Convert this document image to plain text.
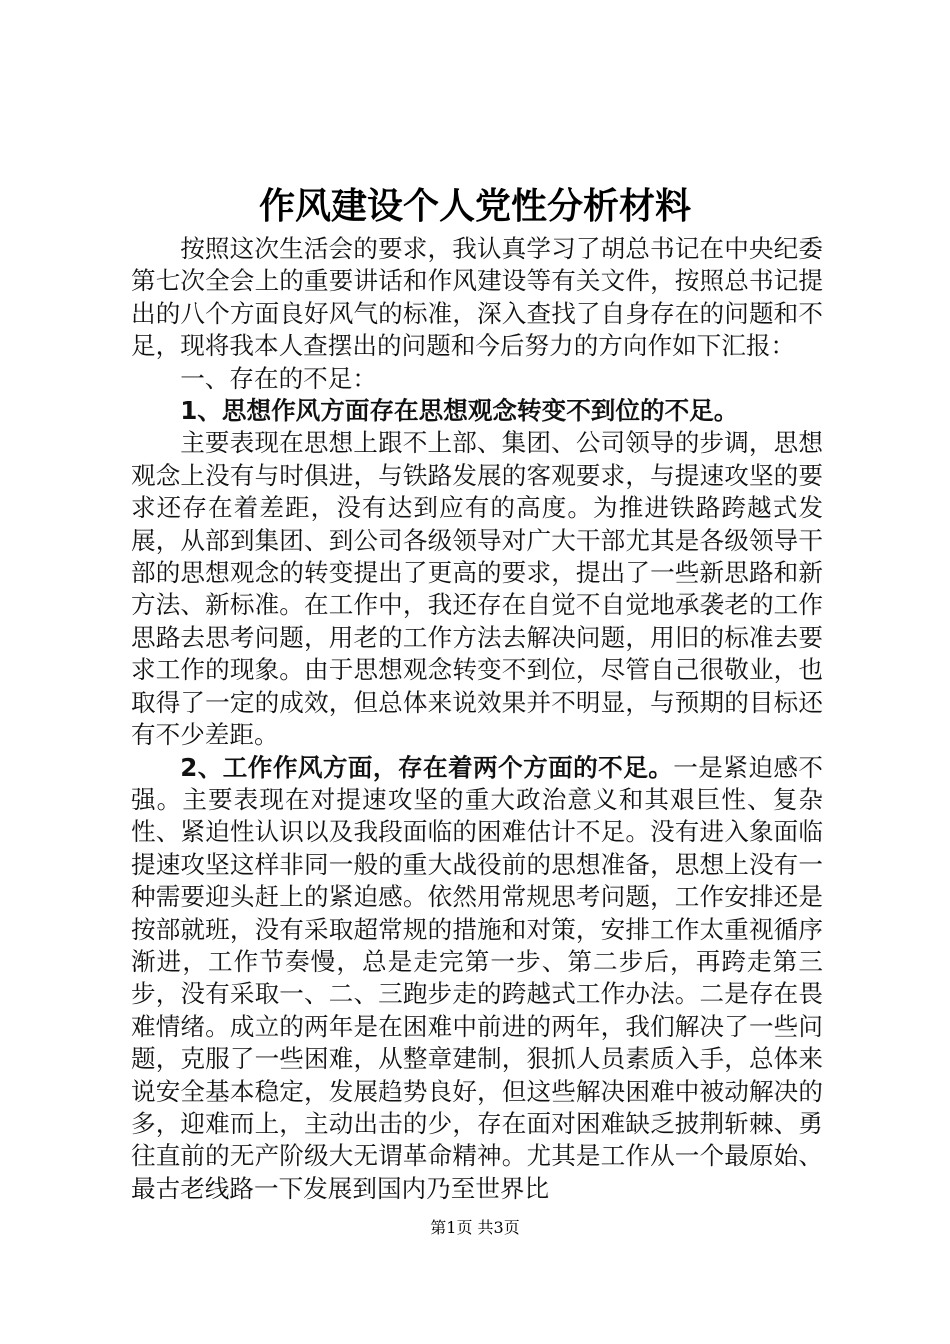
作风建设个人党性分析材料

按照这次生活会的要求，我认真学习了胡总书记在中央纪委第七次全会上的重要讲话和作风建设等有关文件，按照总书记提出的八个方面良好风气的标准，深入查找了自身存在的问题和不足，现将我本人查摆出的问题和今后努力的方向作如下汇报：

一、存在的不足：

1、思想作风方面存在思想观念转变不到位的不足。

主要表现在思想上跟不上部、集团、公司领导的步调，思想观念上没有与时俱进，与铁路发展的客观要求，与提速攻坚的要求还存在着差距，没有达到应有的高度。为推进铁路跨越式发展，从部到集团、到公司各级领导对广大干部尤其是各级领导干部的思想观念的转变提出了更高的要求，提出了一些新思路和新方法、新标准。在工作中，我还存在自觉不自觉地承袭老的工作思路去思考问题，用老的工作方法去解决问题，用旧的标准去要求工作的现象。由于思想观念转变不到位，尽管自己很敬业，也取得了一定的成效，但总体来说效果并不明显，与预期的目标还有不少差距。

2、工作作风方面，存在着两个方面的不足。一是紧迫感不强。主要表现在对提速攻坚的重大政治意义和其艰巨性、复杂性、紧迫性认识以及我段面临的困难估计不足。没有进入象面临提速攻坚这样非同一般的重大战役前的思想准备，思想上没有一种需要迎头赶上的紧迫感。依然用常规思考问题，工作安排还是按部就班，没有采取超常规的措施和对策，安排工作太重视循序渐进，工作节奏慢，总是走完第一步、第二步后，再跨走第三步，没有采取一、二、三跑步走的跨越式工作办法。二是存在畏难情绪。成立的两年是在困难中前进的两年，我们解决了一些问题，克服了一些困难，从整章建制，狠抓人员素质入手，总体来说安全基本稳定，发展趋势良好，但这些解决困难中被动解决的多，迎难而上，主动出击的少，存在面对困难缺乏披荆斩棘、勇往直前的无产阶级大无谓革命精神。尤其是工作从一个最原始、最古老线路一下发展到国内乃至世界比

第1页 共3页
